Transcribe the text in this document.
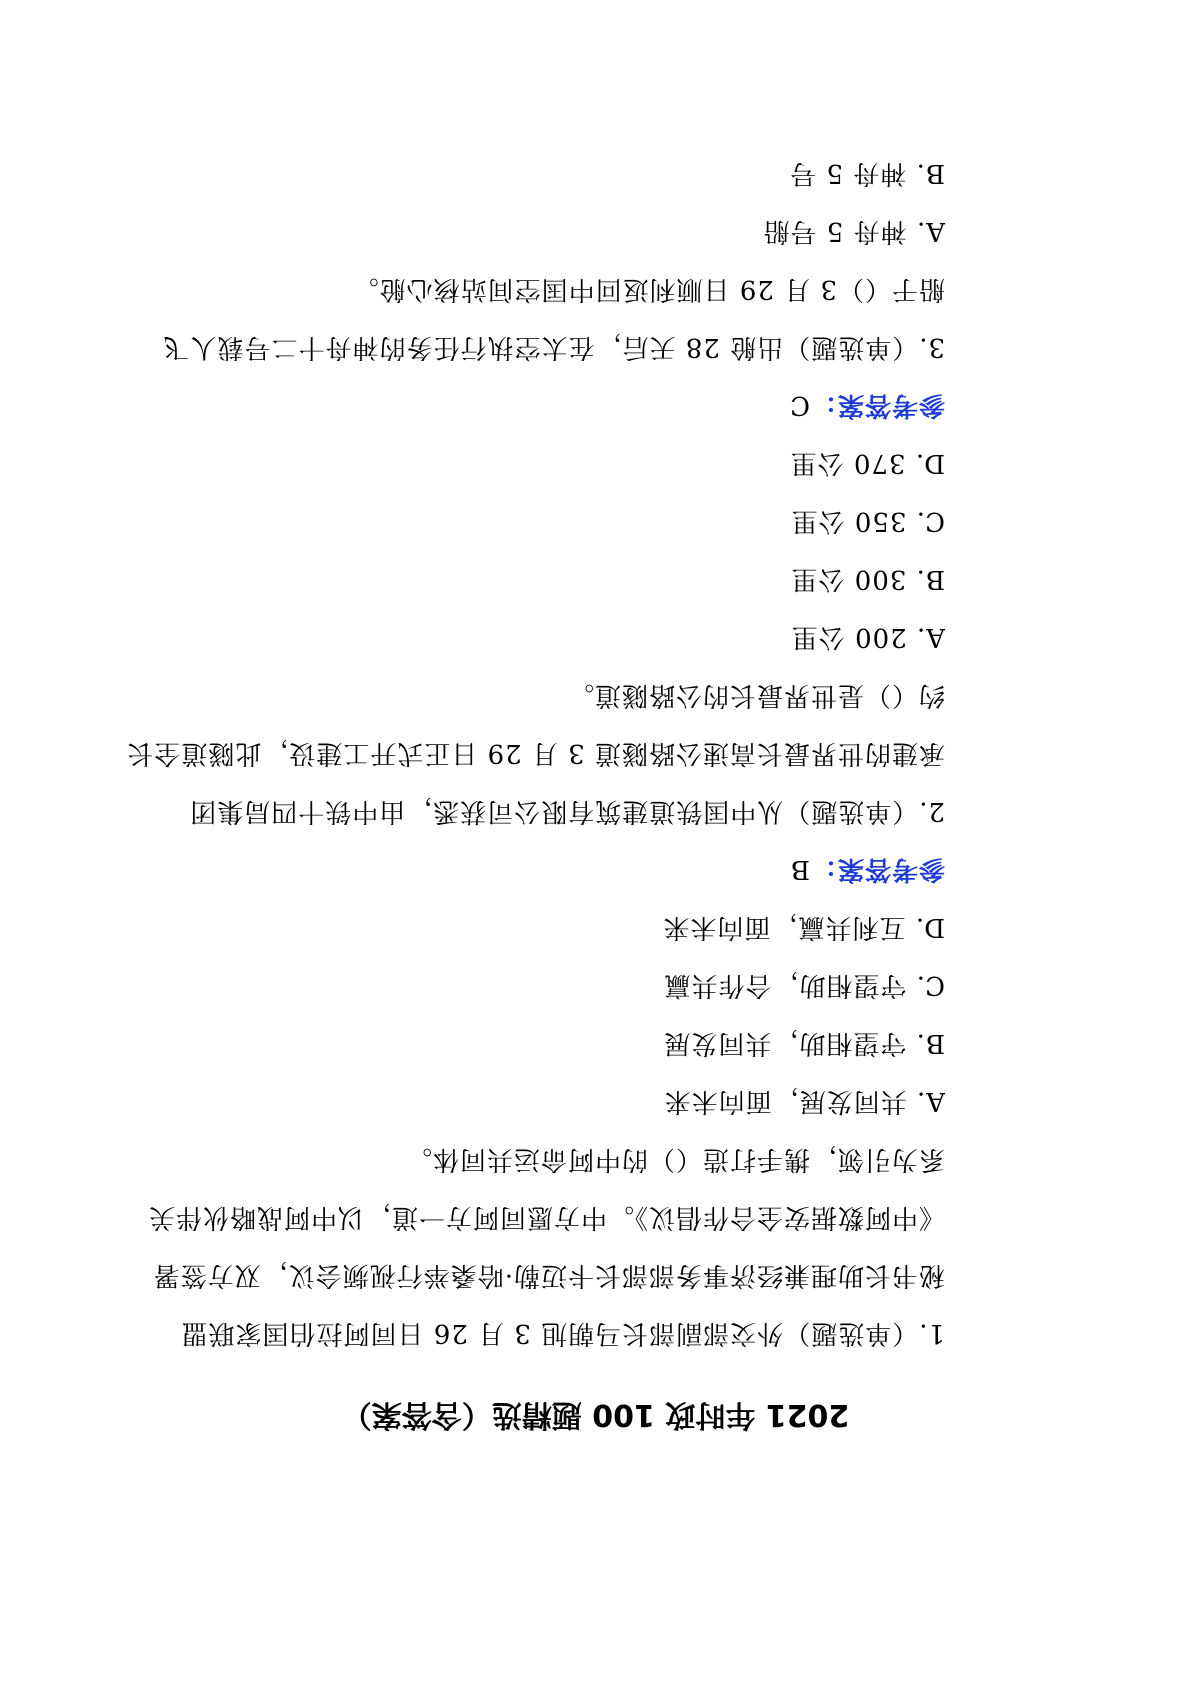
2021 年时政 100 题精选（含答案）
1.（单选题）外交部副部长马朝旭 3 月 26 日同阿拉伯国家联盟
秘书长助理兼经济事务部部长卡迈勒·哈桑举行视频会议，双方签署
《中阿数据安全合作倡议》。中方愿同阿方一道，以中阿战略伙伴关
系为引领，携手打造（）的中阿命运共同体。
A. 共同发展，面向未来
B. 守望相助，共同发展
C. 守望相助，合作共赢
D. 互利共赢，面向未来
参考答案：B
2.（单选题）从中国铁道建筑有限公司获悉，由中铁十四局集团
承建的世界最长高速公路隧道 3 月 29 日正式开工建设，此隧道全长
约（）是世界最长的公路隧道。
A. 200 公里
B. 300 公里
C. 350 公里
D. 370 公里
参考答案：C
3.（单选题）出舱 28 天后，在太空执行任务的神舟十二号载人飞
船于（）3 月 29 日顺利返回中国空间站核心舱。
A. 神舟 5 号船
B. 神舟 5 号
